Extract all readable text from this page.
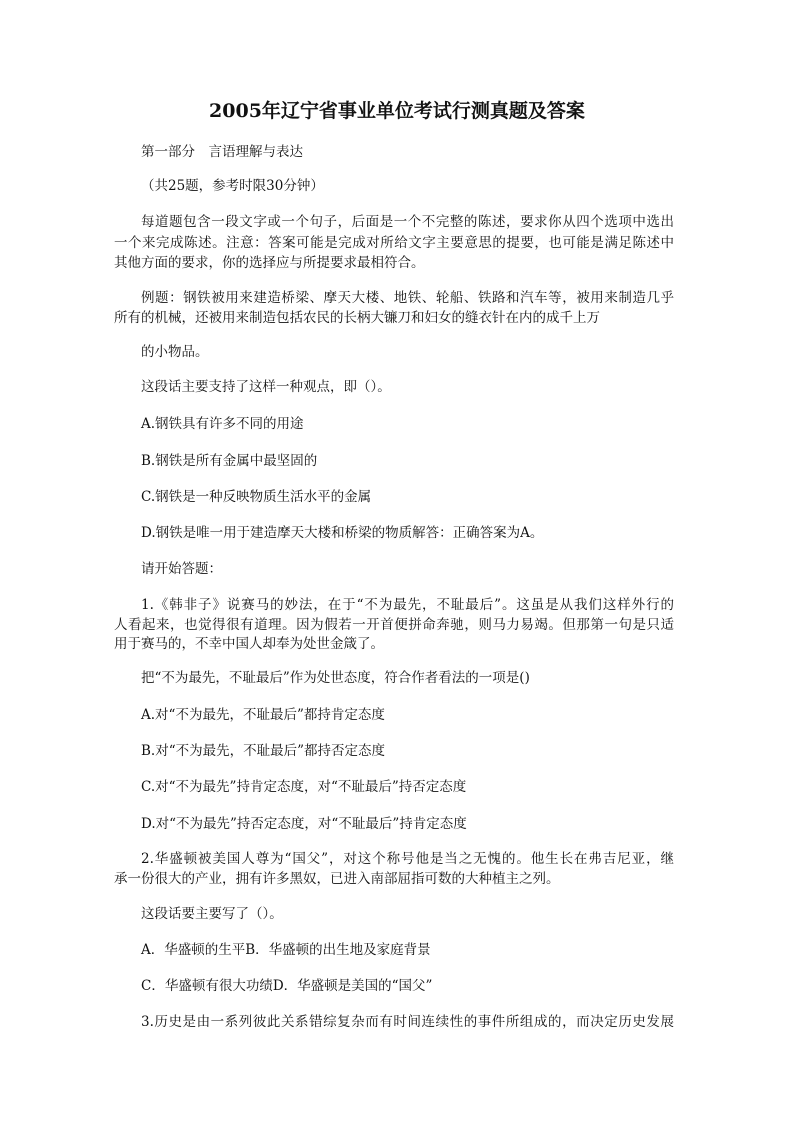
2005年辽宁省事业单位考试行测真题及答案

第一部分　言语理解与表达

（共25题，参考时限30分钟）

每道题包含一段文字或一个句子，后面是一个不完整的陈述，要求你从四个选项中选出

一个来完成陈述。注意：答案可能是完成对所给文字主要意思的提要，也可能是满足陈述中

其他方面的要求，你的选择应与所提要求最相符合。

例题：钢铁被用来建造桥梁、摩天大楼、地铁、轮船、铁路和汽车等，被用来制造几乎

所有的机械，还被用来制造包括农民的长柄大镰刀和妇女的缝衣针在内的成千上万

的小物品。

这段话主要支持了这样一种观点，即（）。

A.钢铁具有许多不同的用途

B.钢铁是所有金属中最坚固的

C.钢铁是一种反映物质生活水平的金属

D.钢铁是唯一用于建造摩天大楼和桥梁的物质解答：正确答案为A。

请开始答题：

1.《韩非子》说赛马的妙法，在于“不为最先，不耻最后”。这虽是从我们这样外行的

人看起来，也觉得很有道理。因为假若一开首便拼命奔驰，则马力易竭。但那第一句是只适

用于赛马的，不幸中国人却奉为处世金箴了。

把“不为最先，不耻最后”作为处世态度，符合作者看法的一项是()

A.对“不为最先，不耻最后”都持肯定态度

B.对“不为最先，不耻最后”都持否定态度

C.对“不为最先”持肯定态度，对“不耻最后”持否定态度

D.对“不为最先”持否定态度，对“不耻最后”持肯定态度

2.华盛顿被美国人尊为“国父”，对这个称号他是当之无愧的。他生长在弗吉尼亚，继

承一份很大的产业，拥有许多黑奴，已进入南部屈指可数的大种植主之列。

这段话要主要写了（）。

A．华盛顿的生平B．华盛顿的出生地及家庭背景

C．华盛顿有很大功绩D．华盛顿是美国的“国父”

3.历史是由一系列彼此关系错综复杂而有时间连续性的事件所组成的，而决定历史发展
